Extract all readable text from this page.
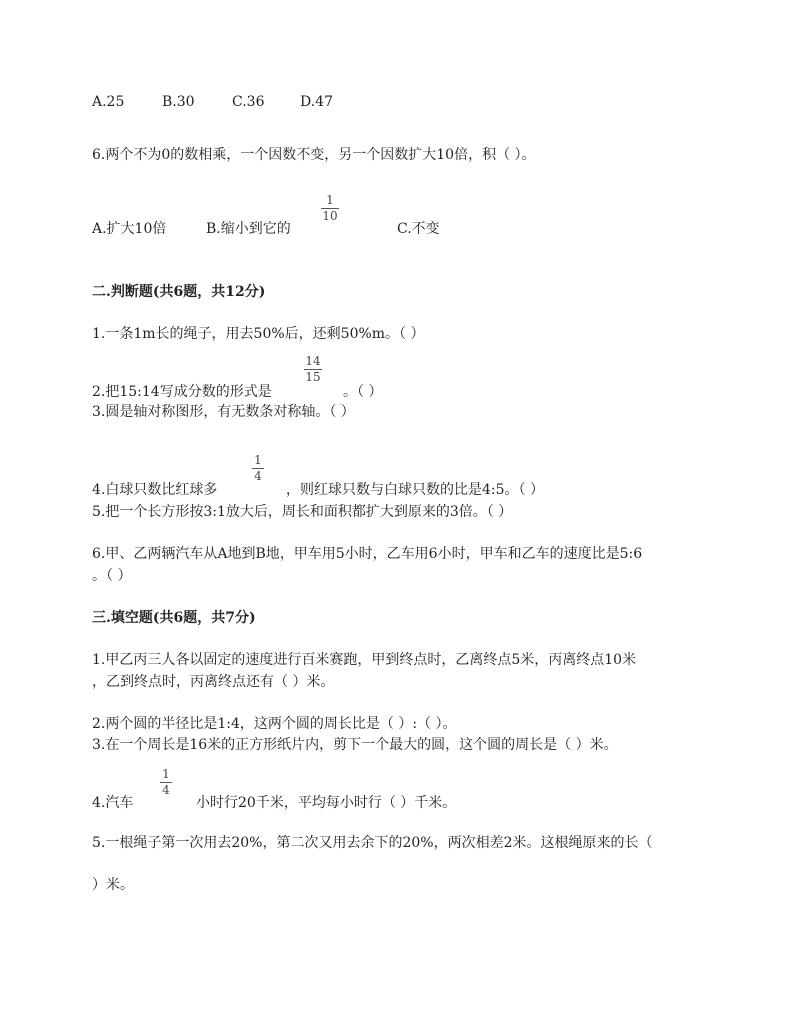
A.25	B.30	C.36	D.47
6.两个不为0的数相乘，一个因数不变，另一个因数扩大10倍，积（ ）。
A.扩大10倍	B.缩小到它的
1
10
C.不变
二.判断题(共6题，共12分)
1.一条1m长的绳子，用去50%后，还剩50%m。（ ）
2.把15:14写成分数的形式是
14
15
。（ ）
3.圆是轴对称图形，有无数条对称轴。（ ）
4.白球只数比红球多
1
4
，则红球只数与白球只数的比是4:5。（ ）
5.把一个长方形按3:1放大后，周长和面积都扩大到原来的3倍。（ ）
6.甲、乙两辆汽车从A地到B地，甲车用5小时，乙车用6小时，甲车和乙车的速度比是5:6
。（ ）
三.填空题(共6题，共7分)
1.甲乙丙三人各以固定的速度进行百米赛跑，甲到终点时，乙离终点5米，丙离终点10米
，乙到终点时，丙离终点还有（ ）米。
2.两个圆的半径比是1:4，这两个圆的周长比是（ ）:（ ）。
3.在一个周长是16米的正方形纸片内，剪下一个最大的圆，这个圆的周长是（ ）米。
4.汽车
1
4
小时行20千米，平均每小时行（ ）千米。
5.一根绳子第一次用去20%，第二次又用去余下的20%，两次相差2米。这根绳原来的长（
）米。
